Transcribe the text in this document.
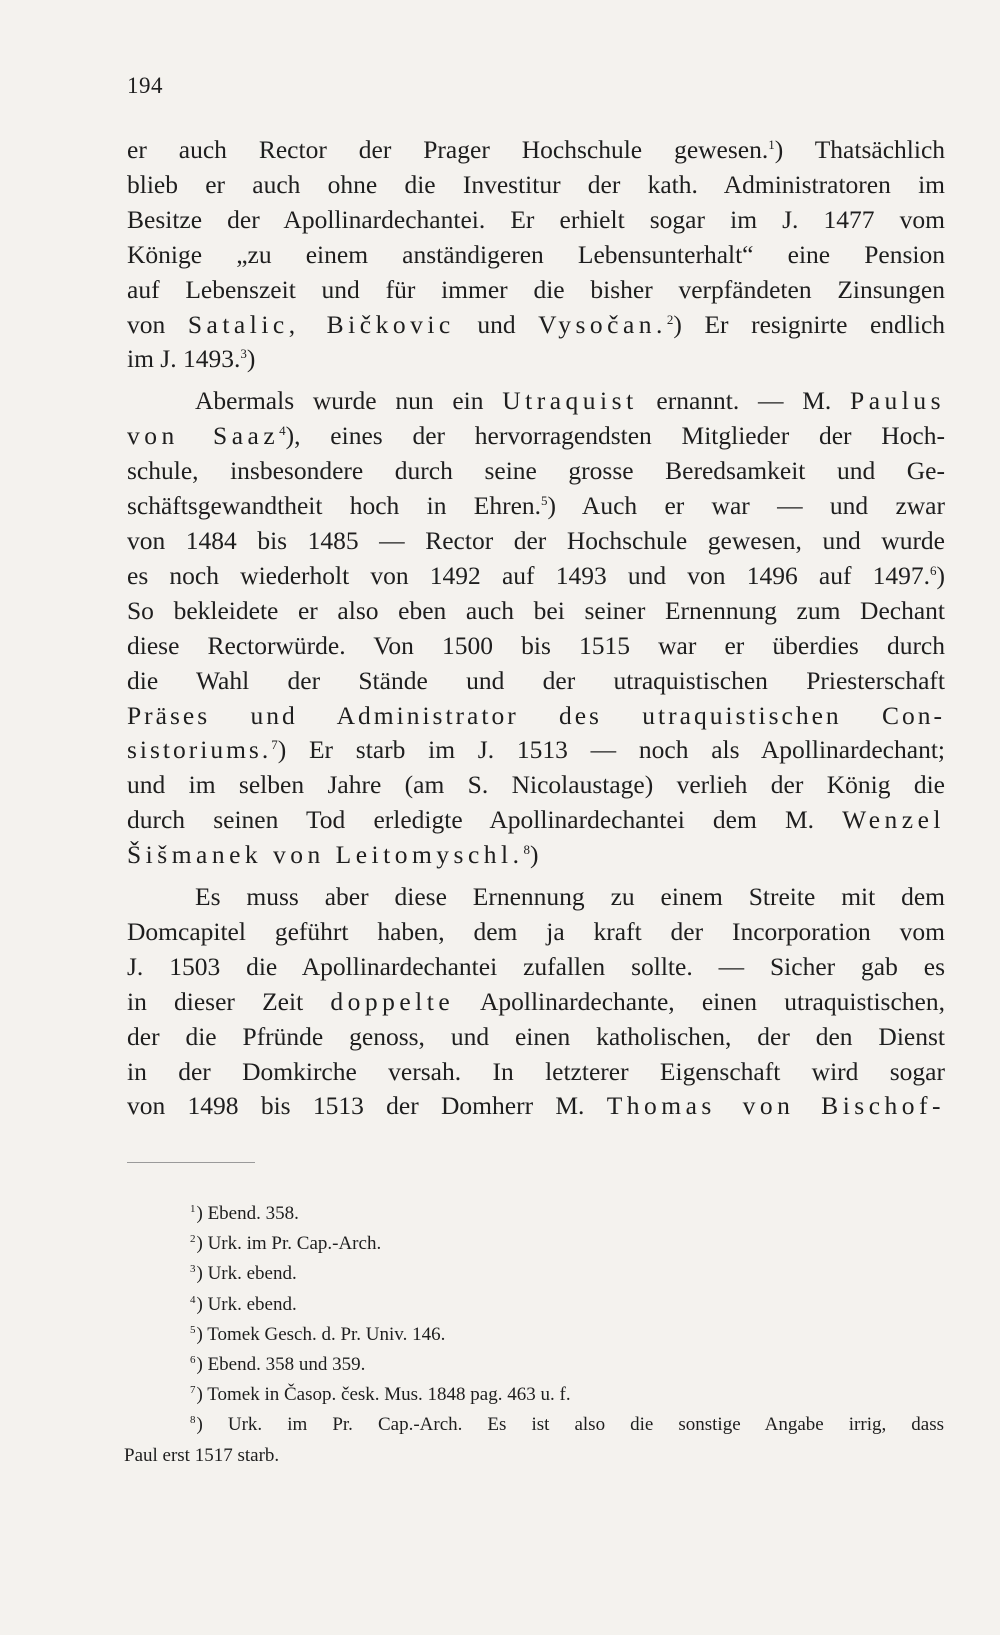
194
er auch Rector der Prager Hochschule gewesen.$^1$) Thatsächlich
blieb er auch ohne die Investitur der kath. Administratoren im
Besitze der Apollinardechantei. Er erhielt sogar im J. 1477 vom
Könige „zu einem anständigeren Lebensunterhalt“ eine Pension
auf Lebenszeit und für immer die bisher verpfändeten Zinsungen
von Satalic, Bičkovic und Vysočan.$^2$) Er resignirte endlich
im J. 1493.$^3$)
Abermals wurde nun ein Utraquist ernannt. — M. Paulus
von Saaz$^4$), eines der hervorragendsten Mitglieder der Hoch-
schule, insbesondere durch seine grosse Beredsamkeit und Ge-
schäftsgewandtheit hoch in Ehren.$^5$) Auch er war — und zwar
von 1484 bis 1485 — Rector der Hochschule gewesen, und wurde
es noch wiederholt von 1492 auf 1493 und von 1496 auf 1497.$^6$)
So bekleidete er also eben auch bei seiner Ernennung zum Dechant
diese Rectorwürde. Von 1500 bis 1515 war er überdies durch
die Wahl der Stände und der utraquistischen Priesterschaft
Präses und Administrator des utraquistischen Con-
sistoriums.$^7$) Er starb im J. 1513 — noch als Apollinardechant;
und im selben Jahre (am S. Nicolaustage) verlieh der König die
durch seinen Tod erledigte Apollinardechantei dem M. Wenzel
Šišmanek von Leitomyschl.$^8$)
Es muss aber diese Ernennung zu einem Streite mit dem
Domcapitel geführt haben, dem ja kraft der Incorporation vom
J. 1503 die Apollinardechantei zufallen sollte. — Sicher gab es
in dieser Zeit doppelte Apollinardechante, einen utraquistischen,
der die Pfründe genoss, und einen katholischen, der den Dienst
in der Domkirche versah. In letzterer Eigenschaft wird sogar
von 1498 bis 1513 der Domherr M. Thomas von Bischof-
$^1$) Ebend. 358.
$^2$) Urk. im Pr. Cap.-Arch.
$^3$) Urk. ebend.
$^4$) Urk. ebend.
$^5$) Tomek Gesch. d. Pr. Univ. 146.
$^6$) Ebend. 358 und 359.
$^7$) Tomek in Časop. česk. Mus. 1848 pag. 463 u. f.
$^8$) Urk. im Pr. Cap.-Arch. Es ist also die sonstige Angabe irrig, dass
Paul erst 1517 starb.
